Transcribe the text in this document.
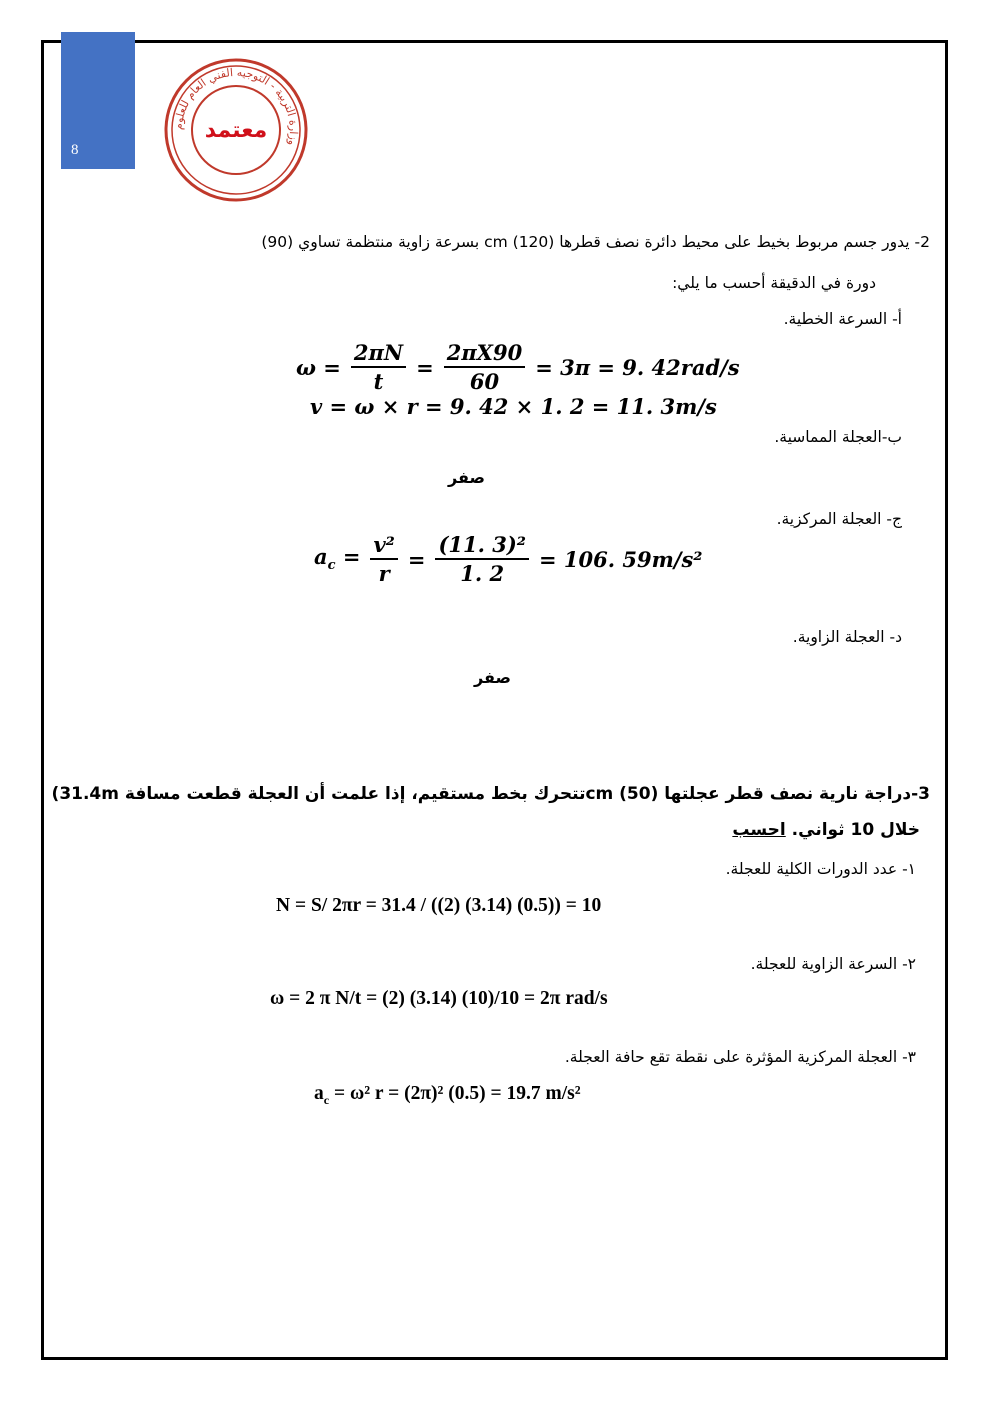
8
وزارة التربية - التوجيه الفني العام للعلوم
معتمد
2- يدور جسم مربوط بخيط على محيط دائرة نصف قطرها cm (120) بسرعة زاوية منتظمة تساوي (90)
دورة في الدقيقة أحسب ما يلي:
أ- السرعة الخطية.
$\omega = \frac{2\pi N}{t} = \frac{2\pi X90}{60} = 3\pi = 9$. 42rad/s
v = ω × r = 9. 42 × 1. 2 = 11. 3m/s
ب-العجلة المماسية.
صفر
ج- العجلة المركزية.
$a_c = \frac{\text{v²}}{r} = \frac{\text{(11. 3)²}}{1. 2} = 106$. 59m/s²
د- العجلة الزاوية.
صفر
3-دراجة نارية نصف قطر عجلتها cm (50)تتحرك بخط مستقيم، إذا علمت أن العجلة قطعت مسافة 31.4m)
خلال 10 ثواني. احسب
١- عدد الدورات الكلية للعجلة.
N = S/ 2πr = 31.4 / ((2) (3.14) (0.5)) = 10
٢- السرعة الزاوية للعجلة.
ω = 2 π N/t = (2) (3.14) (10)/10 = 2π rad/s
٣- العجلة المركزية المؤثرة على نقطة تقع حافة العجلة.
$a_c = \omega^2$ r = (2π)² (0.5) = 19.7 m/s²
